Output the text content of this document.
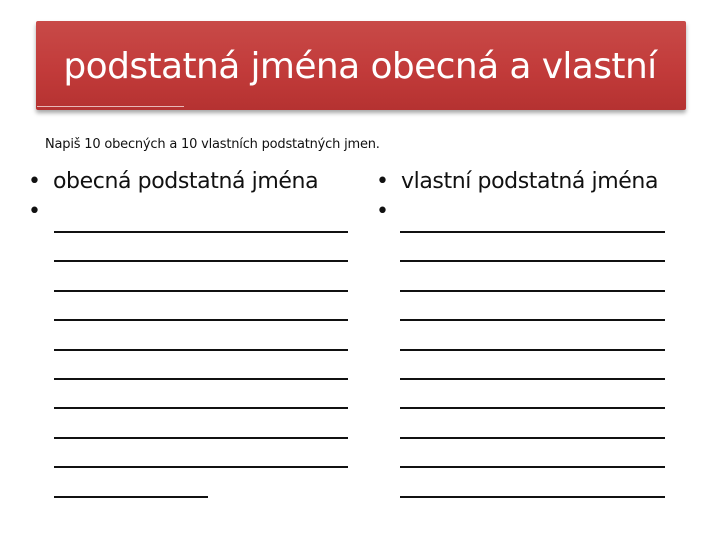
podstatná jména obecná a vlastní
Napiš 10 obecných a 10 vlastních podstatných jmen.
• obecná podstatná jména
•
• vlastní podstatná jména
•
